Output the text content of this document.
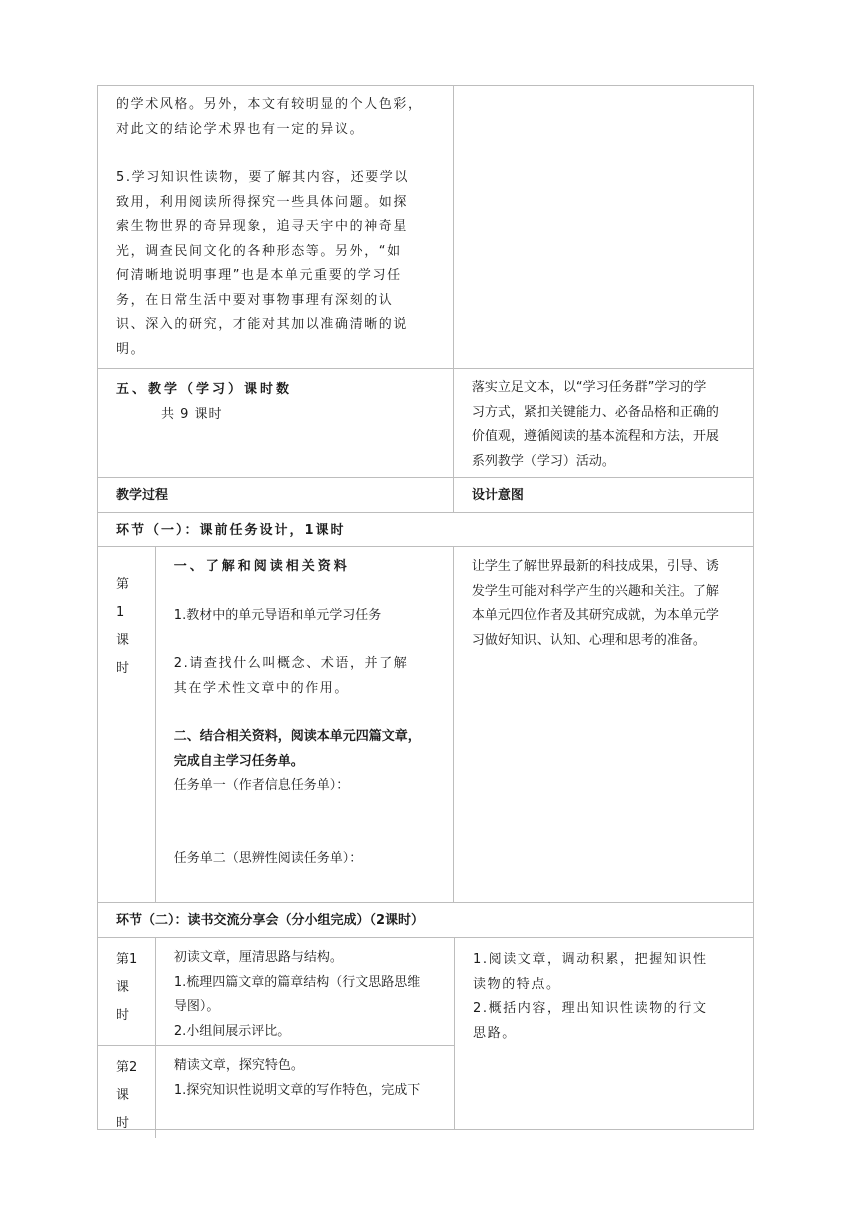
的学术风格。另外，本文有较明显的个人色彩，
对此文的结论学术界也有一定的异议。
5.学习知识性读物，要了解其内容，还要学以
致用，利用阅读所得探究一些具体问题。如探
索生物世界的奇异现象，追寻天宇中的神奇星
光，调查民间文化的各种形态等。另外，“如
何清晰地说明事理”也是本单元重要的学习任
务，在日常生活中要对事物事理有深刻的认
识、深入的研究，才能对其加以准确清晰的说
明。
五、教学（学习）课时数
共 9 课时
落实立足文本，以“学习任务群”学习的学
习方式，紧扣关键能力、必备品格和正确的
价值观，遵循阅读的基本流程和方法，开展
系列教学（学习）活动。
教学过程	设计意图
环节（一）：课前任务设计，1课时
第
1
课
时
一、了解和阅读相关资料
1.教材中的单元导语和单元学习任务
2.请查找什么叫概念、术语，并了解
其在学术性文章中的作用。
二、结合相关资料，阅读本单元四篇文章，
完成自主学习任务单。
任务单一（作者信息任务单）：
任务单二（思辨性阅读任务单）：
让学生了解世界最新的科技成果，引导、诱
发学生可能对科学产生的兴趣和关注。了解
本单元四位作者及其研究成就，为本单元学
习做好知识、认知、心理和思考的准备。
环节（二）：读书交流分享会（分小组完成）（2课时）
第1
课
时
初读文章，厘清思路与结构。
1.梳理四篇文章的篇章结构（行文思路思维
导图）。
2.小组间展示评比。
第2
课
时
精读文章，探究特色。
1.探究知识性说明文章的写作特色，完成下
1.阅读文章，调动积累，把握知识性
读物的特点。
2.概括内容，理出知识性读物的行文
思路。
